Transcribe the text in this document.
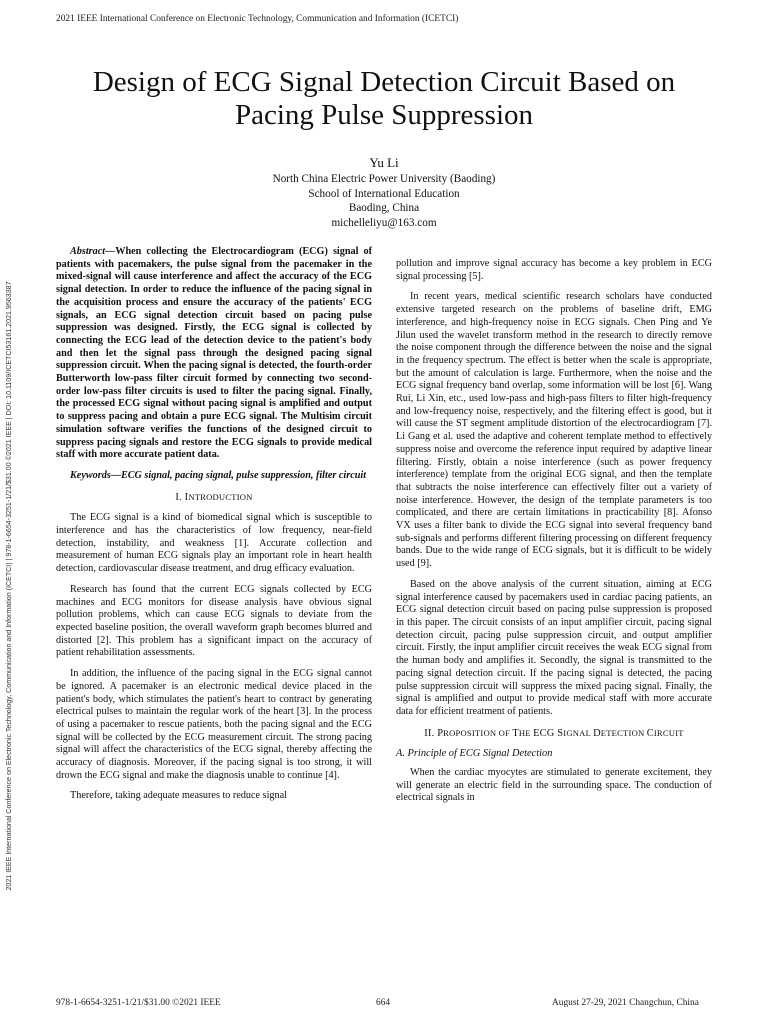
2021 IEEE International Conference on Electronic Technology, Communication and Information (ICETCI)
2021 IEEE International Conference on Electronic Technology, Communication and Information (ICETCI) | 978-1-6654-3251-1/21/$31.00 ©2021 IEEE | DOI: 10.1109/ICETCI53161.2021.9563387
Design of ECG Signal Detection Circuit Based on Pacing Pulse Suppression
Yu Li
North China Electric Power University (Baoding)
School of International Education
Baoding, China
michelleliyu@163.com

Abstract—When collecting the Electrocardiogram (ECG) signal of patients with pacemakers, the pulse signal from the pacemaker in the mixed-signal will cause interference and affect the accuracy of the ECG signal detection. In order to reduce the influence of the pacing signal in the acquisition process and ensure the accuracy of the patients' ECG signals, an ECG signal detection circuit based on pacing pulse suppression was designed. Firstly, the ECG signal is collected by connecting the ECG lead of the detection device to the patient's body and then let the signal pass through the designed pacing signal suppression circuit. When the pacing signal is detected, the fourth-order Butterworth low-pass filter circuit formed by connecting two second-order low-pass filter circuits is used to filter the pacing signal. Finally, the processed ECG signal without pacing signal is amplified and output to suppress pacing and obtain a pure ECG signal. The Multisim circuit simulation software verifies the functions of the designed circuit to suppress pacing signals and restore the ECG signals to provide medical staff with more accurate patient data.

Keywords—ECG signal, pacing signal, pulse suppression, filter circuit

I. INTRODUCTION

The ECG signal is a kind of biomedical signal which is susceptible to interference and has the characteristics of low frequency, near-field detection, instability, and weakness [1]. Accurate collection and measurement of human ECG signals play an important role in heart health detection, cardiovascular disease treatment, and drug efficacy evaluation.

Research has found that the current ECG signals collected by ECG machines and ECG monitors for disease analysis have obvious signal pollution problems, which can cause ECG signals to deviate from the expected baseline position, the overall waveform graph becomes blurred and distorted [2]. This problem has a significant impact on the accuracy of patient rehabilitation assessments.

In addition, the influence of the pacing signal in the ECG signal cannot be ignored. A pacemaker is an electronic medical device placed in the patient's body, which stimulates the patient's heart to contract by generating electrical pulses to maintain the regular work of the heart [3]. In the process of using a pacemaker to rescue patients, both the pacing signal and the ECG signal will be collected by the ECG measurement circuit. The strong pacing signal will affect the characteristics of the ECG signal, thereby affecting the accuracy of diagnosis. Moreover, if the pacing signal is too strong, it will drown the ECG signal and make the diagnosis unable to continue [4].

Therefore, taking adequate measures to reduce signal

pollution and improve signal accuracy has become a key problem in ECG signal processing [5].

In recent years, medical scientific research scholars have conducted extensive targeted research on the problems of baseline drift, EMG interference, and high-frequency noise in ECG signals. Chen Ping and Ye Jilun used the wavelet transform method in the research to directly remove the noise component through the difference between the noise and the signal in the frequency spectrum. The effect is better when the scale is appropriate, but the amount of calculation is large. Furthermore, when the noise and the ECG signal frequency band overlap, some information will be lost [6]. Wang Rui, Li Xin, etc., used low-pass and high-pass filters to filter high-frequency and low-frequency noise, respectively, and the filtering effect is good, but it will cause the ST segment amplitude distortion of the electrocardiogram [7]. Li Gang et al. used the adaptive and coherent template method to effectively suppress noise and overcome the reference input required by adaptive linear filtering. Firstly, obtain a noise interference (such as power frequency interference) template from the original ECG signal, and then the template that subtracts the noise interference can effectively filter out a variety of noise interference. However, the design of the template parameters is too complicated, and there are certain limitations in practicability [8]. Afonso VX uses a filter bank to divide the ECG signal into several frequency band sub-signals and performs different filtering processing on different frequency bands. Due to the wide range of ECG signals, but it is difficult to be widely used [9].

Based on the above analysis of the current situation, aiming at ECG signal interference caused by pacemakers used in cardiac pacing patients, an ECG signal detection circuit based on pacing pulse suppression is proposed in this paper. The circuit consists of an input amplifier circuit, pacing signal detection circuit, pacing pulse suppression circuit, and output amplifier circuit. Firstly, the input amplifier circuit receives the weak ECG signal from the human body and amplifies it. Secondly, the signal is transmitted to the pacing signal detection circuit. If the pacing signal is detected, the pacing pulse suppression circuit will suppress the mixed pacing signal. Finally, the signal is amplified and output to provide medical staff with more accurate data for efficient treatment of patients.

II. PROPOSITION OF THE ECG SIGNAL DETECTION CIRCUIT
A. Principle of ECG Signal Detection

When the cardiac myocytes are stimulated to generate excitement, they will generate an electric field in the surrounding space. The conduction of electrical signals in

978-1-6654-3251-1/21/$31.00 ©2021 IEEE	664	August 27-29, 2021 Changchun, China
